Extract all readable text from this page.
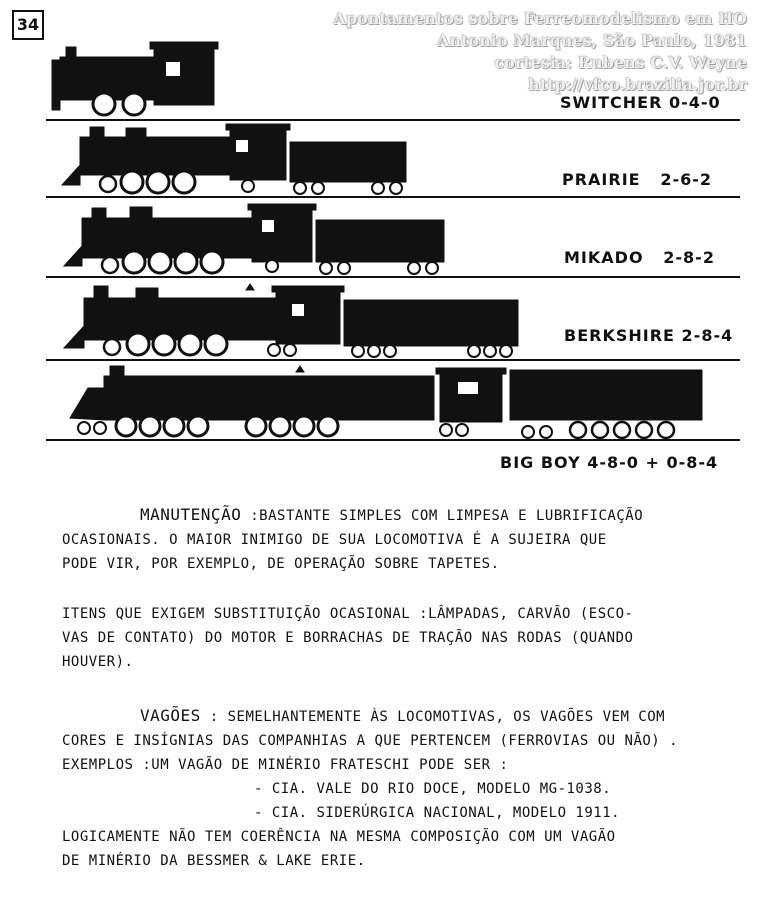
34	Apontamentos sobre Ferreomodelismo em HO
Antonio Marques, São Paulo, 1981
cortesia: Rubens C.V. Weyne
http://vfco.brazilia.jor.br
SWITCHER 0-4-0
PRAIRIE 2-6-2
MIKADO 2-8-2
BERKSHIRE 2-8-4
BIG BOY 4-8-0 + 0-8-4
MANUTENÇÃO :BASTANTE SIMPLES COM LIMPESA E LUBRIFICAÇÃO
OCASIONAIS. O MAIOR INIMIGO DE SUA LOCOMOTIVA É A SUJEIRA QUE
PODE VIR, POR EXEMPLO, DE OPERAÇÃO SOBRE TAPETES.
ITENS QUE EXIGEM SUBSTITUIÇÃO OCASIONAL :LÂMPADAS, CARVÃO (ESCO-
VAS DE CONTATO) DO MOTOR E BORRACHAS DE TRAÇÃO NAS RODAS (QUANDO
HOUVER).
VAGÕES : SEMELHANTEMENTE ÀS LOCOMOTIVAS, OS VAGÕES VEM COM
CORES E INSÍGNIAS DAS COMPANHIAS A QUE PERTENCEM (FERROVIAS OU NÃO) .
EXEMPLOS :UM VAGÃO DE MINÉRIO FRATESCHI PODE SER :
- CIA. VALE DO RIO DOCE, MODELO MG-1038.
- CIA. SIDERÚRGICA NACIONAL, MODELO 1911.
LOGICAMENTE NÃO TEM COERÊNCIA NA MESMA COMPOSIÇÃO COM UM VAGÃO
DE MINÉRIO DA BESSMER & LAKE ERIE.
